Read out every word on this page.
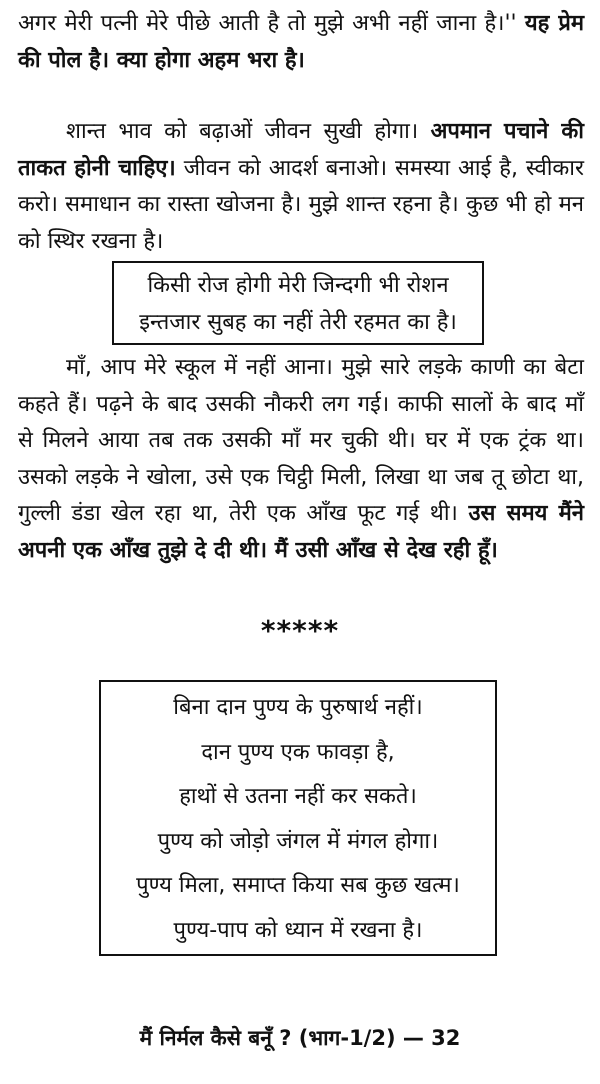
अगर मेरी पत्नी मेरे पीछे आती है तो मुझे अभी नहीं जाना है।'' यह प्रेम की पोल है। क्या होगा अहम भरा है।

शान्त भाव को बढ़ाओं जीवन सुखी होगा। अपमान पचाने की ताकत होनी चाहिए। जीवन को आदर्श बनाओ। समस्या आई है, स्वीकार करो। समाधान का रास्ता खोजना है। मुझे शान्त रहना है। कुछ भी हो मन को स्थिर रखना है।

किसी रोज होगी मेरी जिन्दगी भी रोशन
इन्तजार सुबह का नहीं तेरी रहमत का है।

माँ, आप मेरे स्कूल में नहीं आना। मुझे सारे लड़के काणी का बेटा कहते हैं। पढ़ने के बाद उसकी नौकरी लग गई। काफी सालों के बाद माँ से मिलने आया तब तक उसकी माँ मर चुकी थी। घर में एक ट्रंक था। उसको लड़के ने खोला, उसे एक चिट्ठी मिली, लिखा था जब तू छोटा था, गुल्ली डंडा खेल रहा था, तेरी एक आँख फूट गई थी। उस समय मैंने अपनी एक आँख तुझे दे दी थी। मैं उसी आँख से देख रही हूँ।

*****
बिना दान पुण्य के पुरुषार्थ नहीं।
दान पुण्य एक फावड़ा है,
हाथों से उतना नहीं कर सकते।
पुण्य को जोड़ो जंगल में मंगल होगा।
पुण्य मिला, समाप्त किया सब कुछ खत्म।
पुण्य-पाप को ध्यान में रखना है।
मैं निर्मल कैसे बनूँ ? (भाग-1/2) — 32
